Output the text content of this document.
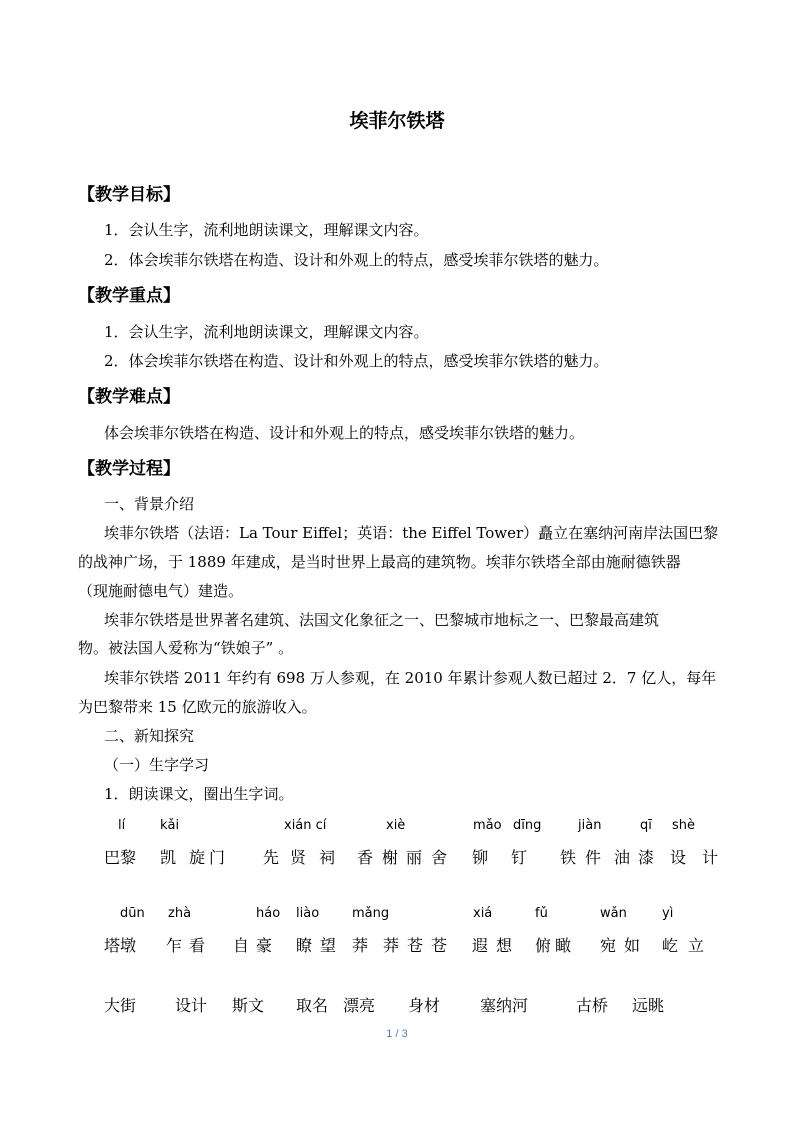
埃菲尔铁塔
【教学目标】
1．会认生字，流利地朗读课文，理解课文内容。
2．体会埃菲尔铁塔在构造、设计和外观上的特点，感受埃菲尔铁塔的魅力。
【教学重点】
1．会认生字，流利地朗读课文，理解课文内容。
2．体会埃菲尔铁塔在构造、设计和外观上的特点，感受埃菲尔铁塔的魅力。
【教学难点】
体会埃菲尔铁塔在构造、设计和外观上的特点，感受埃菲尔铁塔的魅力。
【教学过程】
一、背景介绍
埃菲尔铁塔（法语：La Tour Eiffel；英语：the Eiffel Tower）矗立在塞纳河南岸法国巴黎
的战神广场，于 1889 年建成，是当时世界上最高的建筑物。埃菲尔铁塔全部由施耐德铁器
（现施耐德电气）建造。
埃菲尔铁塔是世界著名建筑、法国文化象征之一、巴黎城市地标之一、巴黎最高建筑
物。被法国人爱称为“铁娘子” 。
埃菲尔铁塔 2011 年约有 698 万人参观，在 2010 年累计参观人数已超过 2．7 亿人，每年
为巴黎带来 15 亿欧元的旅游收入。
二、新知探究
（一）生字学习
1．朗读课文，圈出生字词。
lí	kǎi	xián cí	xiè	mǎo dīng	jiàn	qī shè
巴黎 凯 旋门 先 贤 祠 香 榭 丽 舍 铆 钉 铁 件 油 漆 设 计
dūn zhà	háo liào	mǎng	xiá	fǔ	wǎn	yì
塔墩 乍 看 自 豪 瞭 望 莽 莽 苍 苍 遐 想 俯 瞰 宛 如 屹 立
大街 设计 斯文 取名 漂亮 身材 塞纳河	古桥 远眺
1 / 3
